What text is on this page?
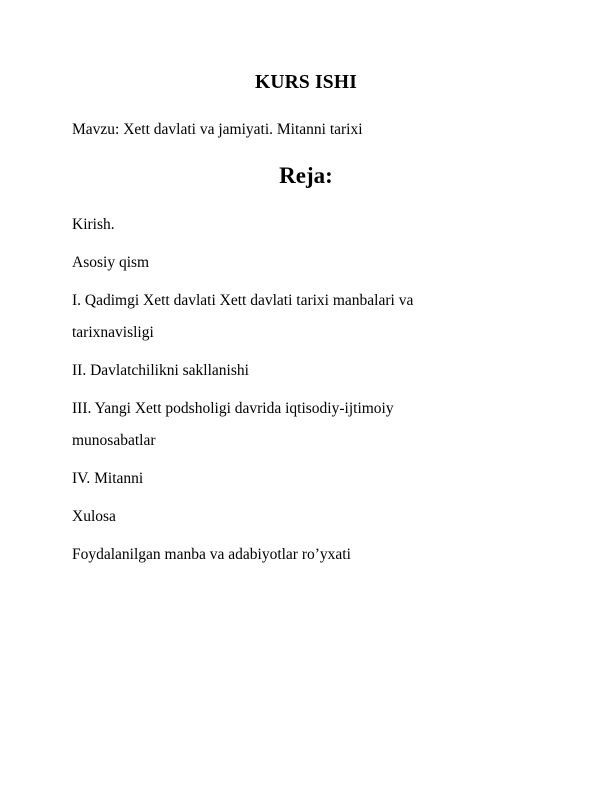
KURS ISHI

Mavzu: Xett davlati va jamiyati. Mitanni tarixi

Reja:
Kirish.
Asosiy qism
I. Qadimgi Xett davlati Xett davlati tarixi manbalari va tarixnavisligi
II. Davlatchilikni sakllanishi
III. Yangi Xett podsholigi davrida iqtisodiy-ijtimoiy munosabatlar
IV. Mitanni
Xulosa
Foydalanilgan manba va adabiyotlar ro’yxati
